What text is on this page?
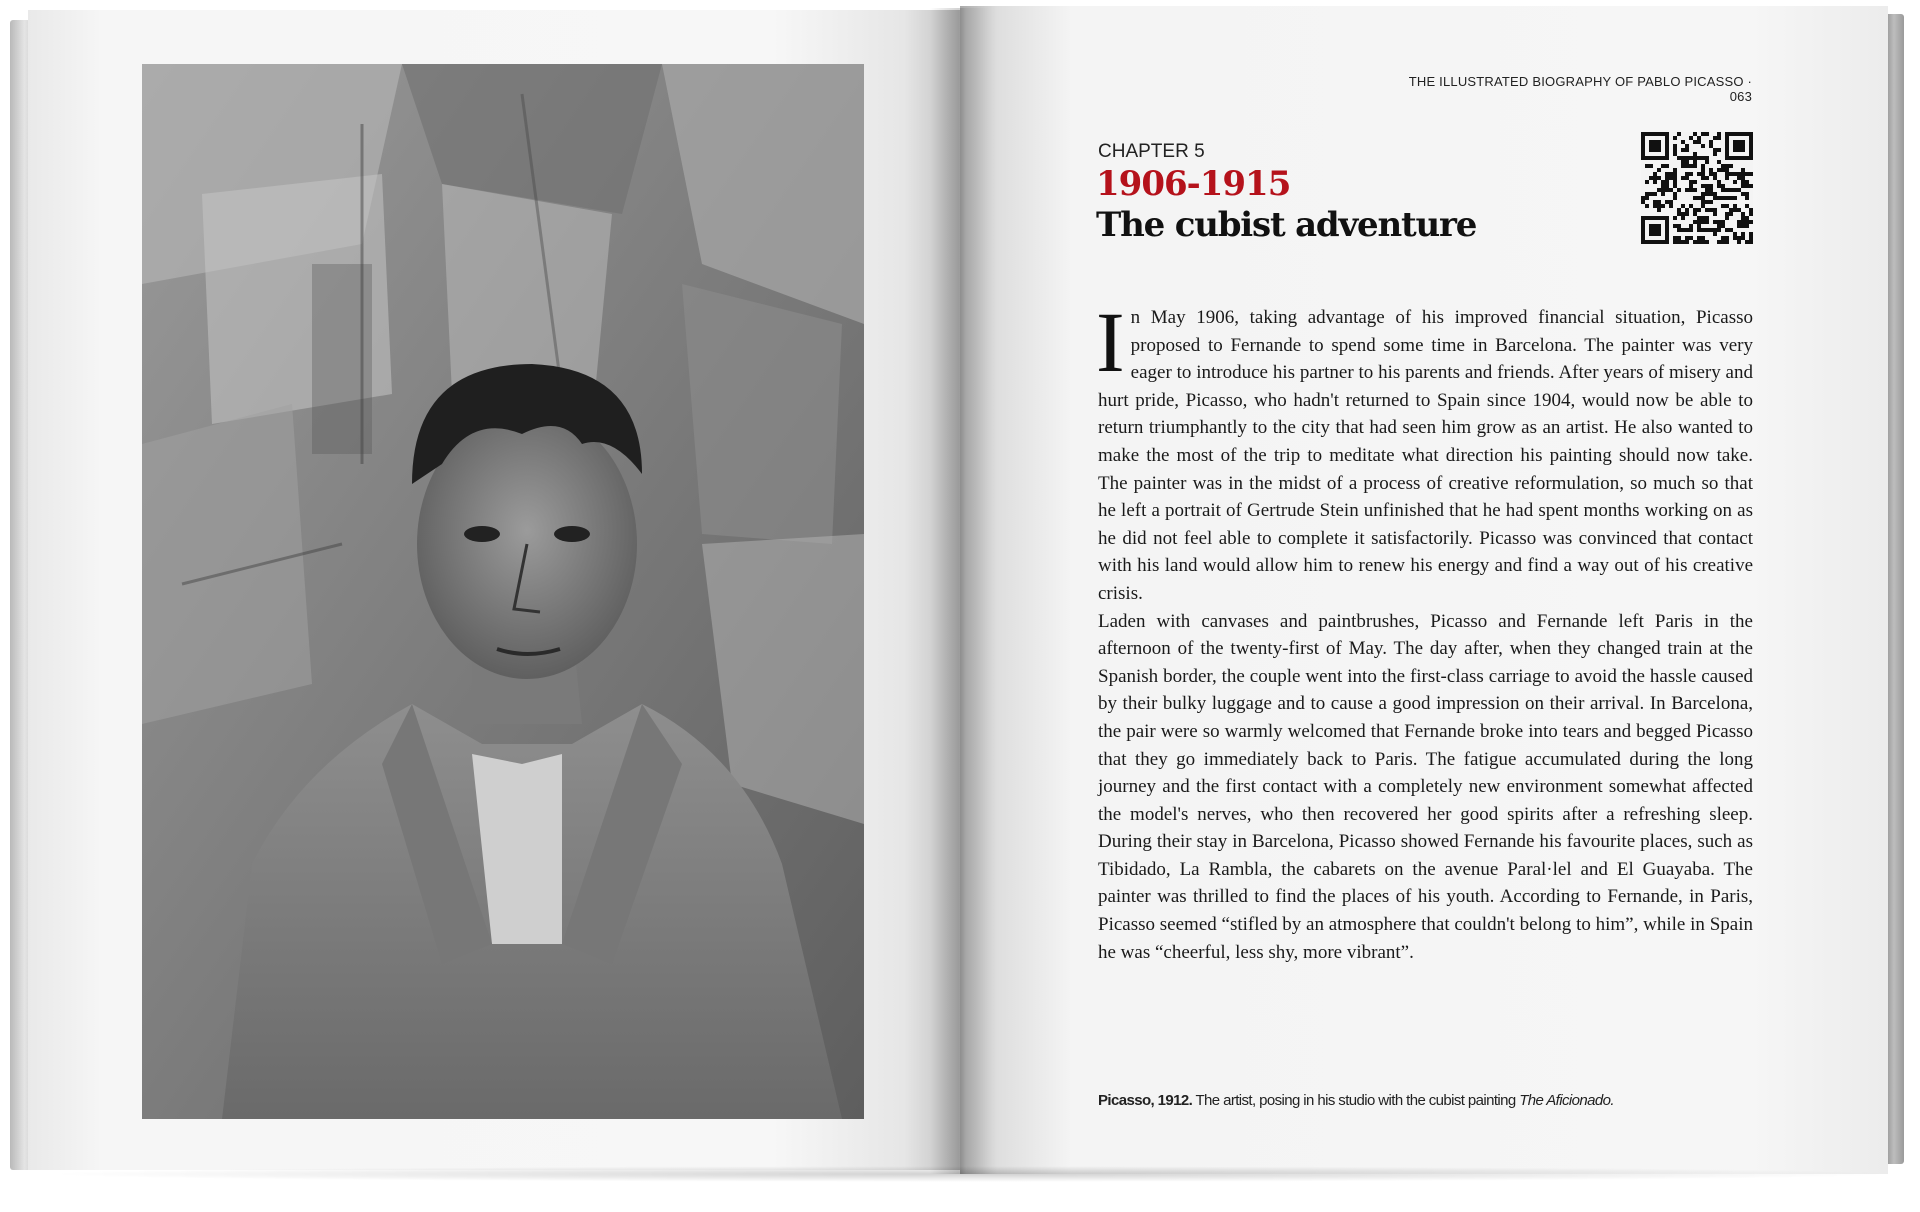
THE ILLUSTRATED BIOGRAPHY OF PABLO PICASSO · 063
CHAPTER 5
1906-1915
The cubist adventure

In May 1906, taking advantage of his improved financial situation, Picasso proposed to Fernande to spend some time in Barcelona. The painter was very eager to introduce his partner to his parents and friends. After years of misery and hurt pride, Picasso, who hadn't returned to Spain since 1904, would now be able to return triumphantly to the city that had seen him grow as an artist. He also wanted to make the most of the trip to meditate what direction his painting should now take. The painter was in the midst of a process of creative reformulation, so much so that he left a portrait of Gertrude Stein unfinished that he had spent months working on as he did not feel able to complete it satisfactorily. Picasso was convinced that contact with his land would allow him to renew his energy and find a way out of his creative crisis.

Laden with canvases and paintbrushes, Picasso and Fernande left Paris in the afternoon of the twenty-first of May. The day after, when they changed train at the Spanish border, the couple went into the first-class carriage to avoid the hassle caused by their bulky luggage and to cause a good impression on their arrival. In Barcelona, the pair were so warmly welcomed that Fernande broke into tears and begged Picasso that they go immediately back to Paris. The fatigue accumulated during the long journey and the first contact with a completely new environment somewhat affected the model's nerves, who then recovered her good spirits after a refreshing sleep. During their stay in Barcelona, Picasso showed Fernande his favourite places, such as Tibidado, La Rambla, the cabarets on the avenue Paral·lel and El Guayaba. The painter was thrilled to find the places of his youth. According to Fernande, in Paris, Picasso seemed “stifled by an atmosphere that couldn't belong to him”, while in Spain he was “cheerful, less shy, more vibrant”.

Picasso, 1912. The artist, posing in his studio with the cubist painting The Aficionado.
